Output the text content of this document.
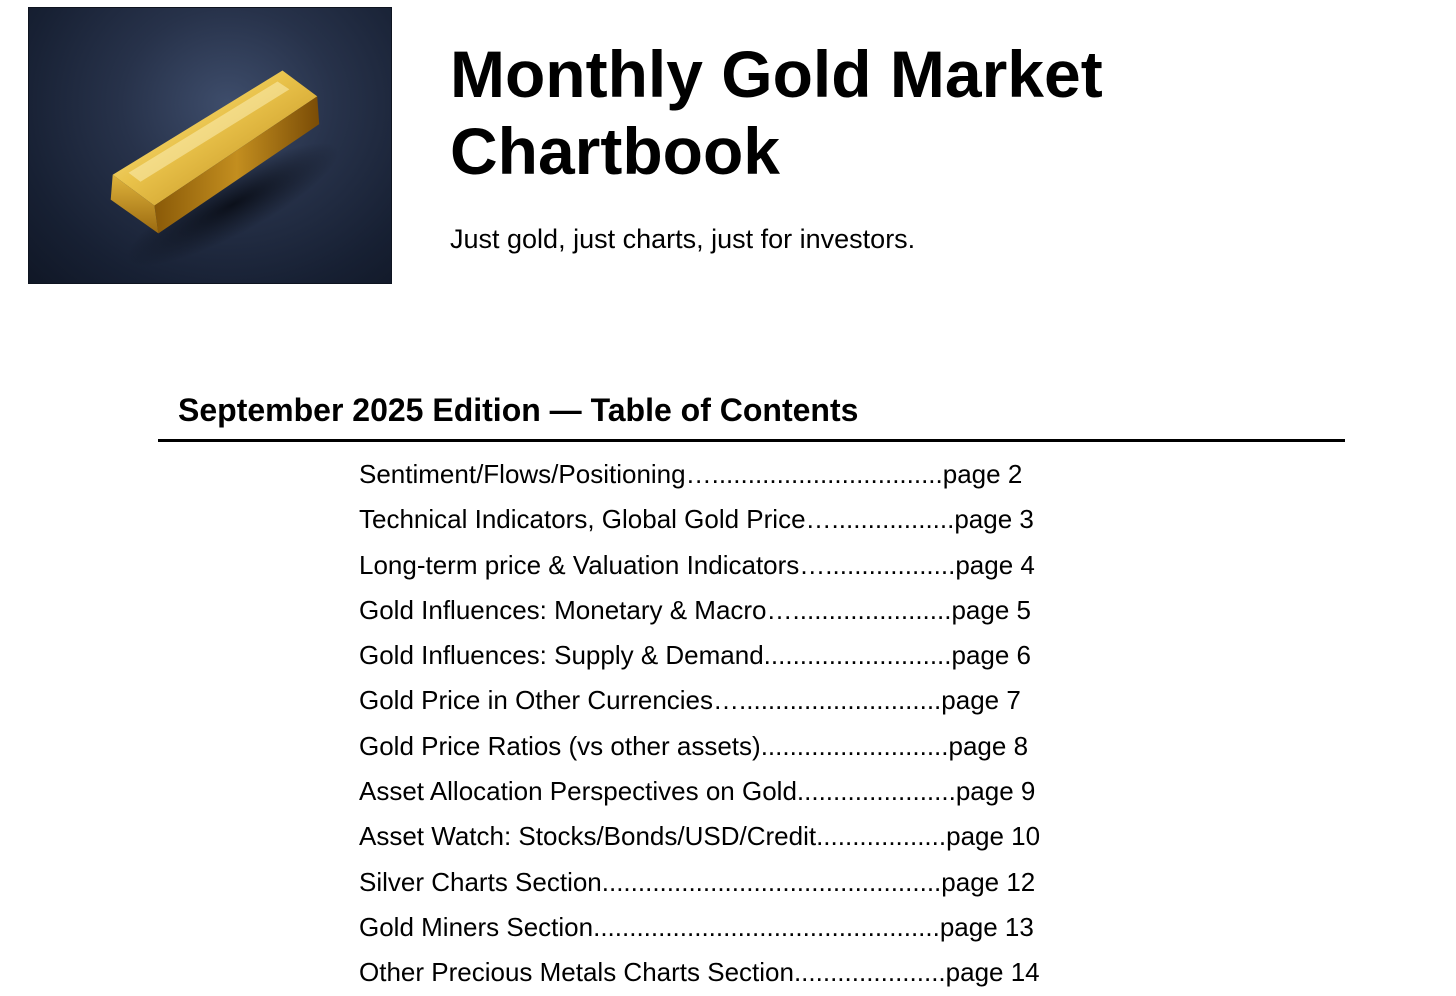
Monthly Gold Market
Chartbook
Just gold, just charts, just for investors.
September 2025 Edition — Table of Contents
Sentiment/Flows/Positioning…................................page 2
Technical Indicators, Global Gold Price….................page 3
Long-term price & Valuation Indicators…..................page 4
Gold Influences: Monetary & Macro…......................page 5
Gold Influences: Supply & Demand..........................page 6
Gold Price in Other Currencies…............................page 7
Gold Price Ratios (vs other assets)..........................page 8
Asset Allocation Perspectives on Gold......................page 9
Asset Watch: Stocks/Bonds/USD/Credit..................page 10
Silver Charts Section...............................................page 12
Gold Miners Section................................................page 13
Other Precious Metals Charts Section.....................page 14
